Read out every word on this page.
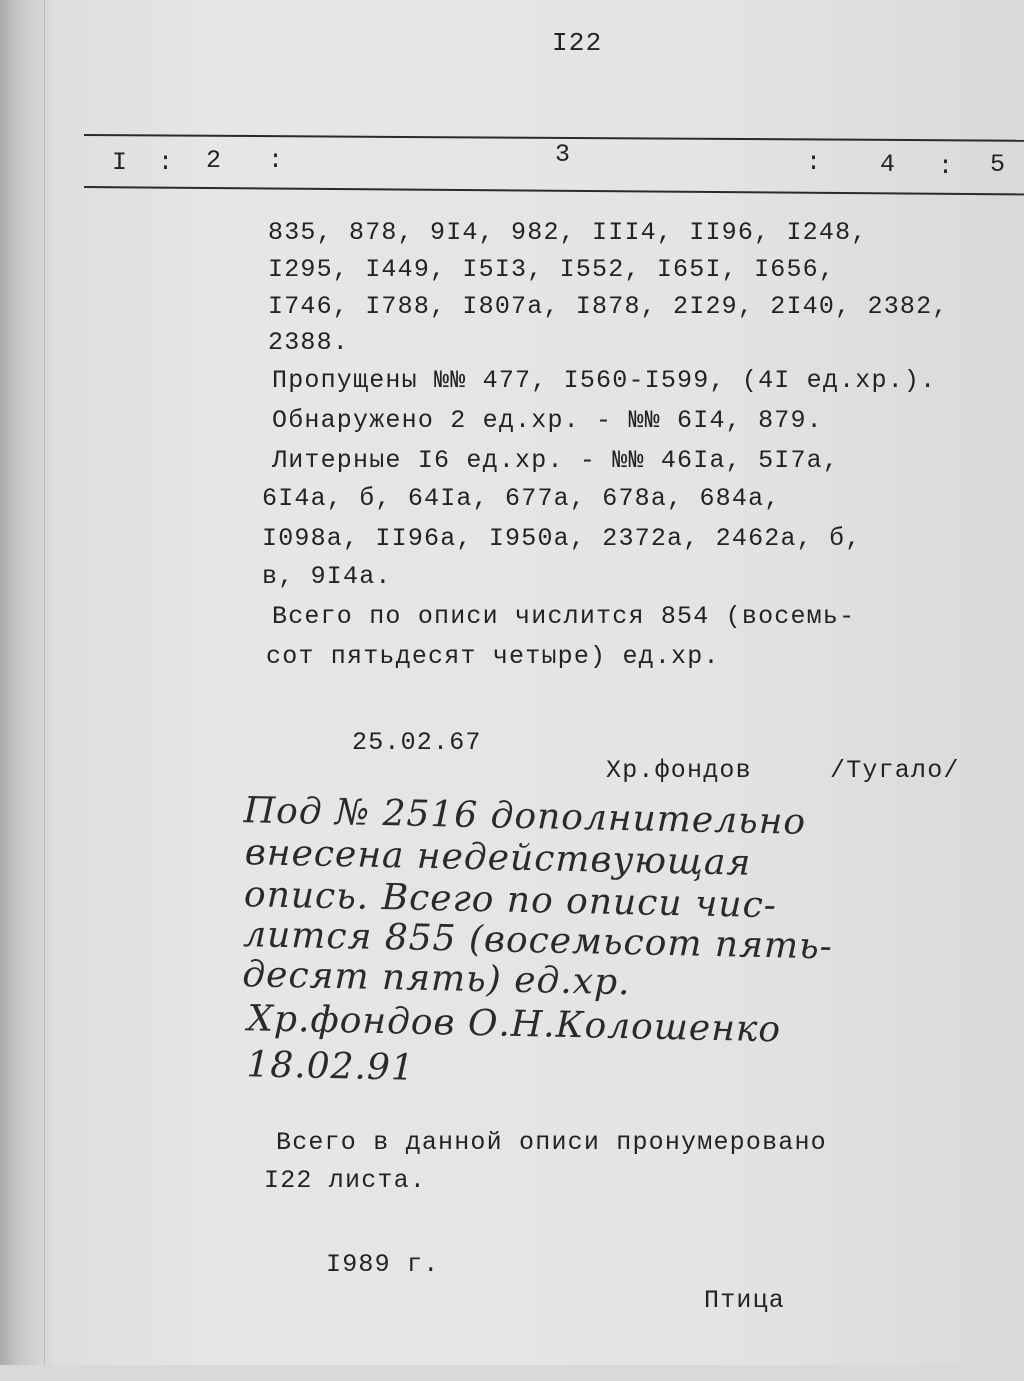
I22
I : 2 :	3	: 4 : 5
835, 878, 9I4, 982, III4, II96, I248,
I295, I449, I5I3, I552, I65I, I656,
I746, I788, I807a, I878, 2I29, 2I40, 2382,
2388.
Пропущены №№ 477, I560-I599, (4I ед.хр.).
Обнаружено 2 ед.хр. - №№ 6I4, 879.
Литерные I6 ед.хр. - №№ 46Ia, 5I7a,
6I4a, б, 64Ia, 677a, 678a, 684a,
I098a, II96a, I950a, 2372a, 2462a, б,
в, 9I4a.
Всего по описи числится 854 (восемь-
сот пятьдесят четыре) ед.хр.
25.02.67
Хр.фондов	/Тугало/
Под № 2516 дополнительно
внесена недействующая
опись. Всего по описи чис-
лится 855 (восемьсот пять-
десят пять) ед.хр.
Хр.фондов О.Н.Колошенко
18.02.91
Всего в данной описи пронумеровано
I22 листа.
I989 г.
Птица
